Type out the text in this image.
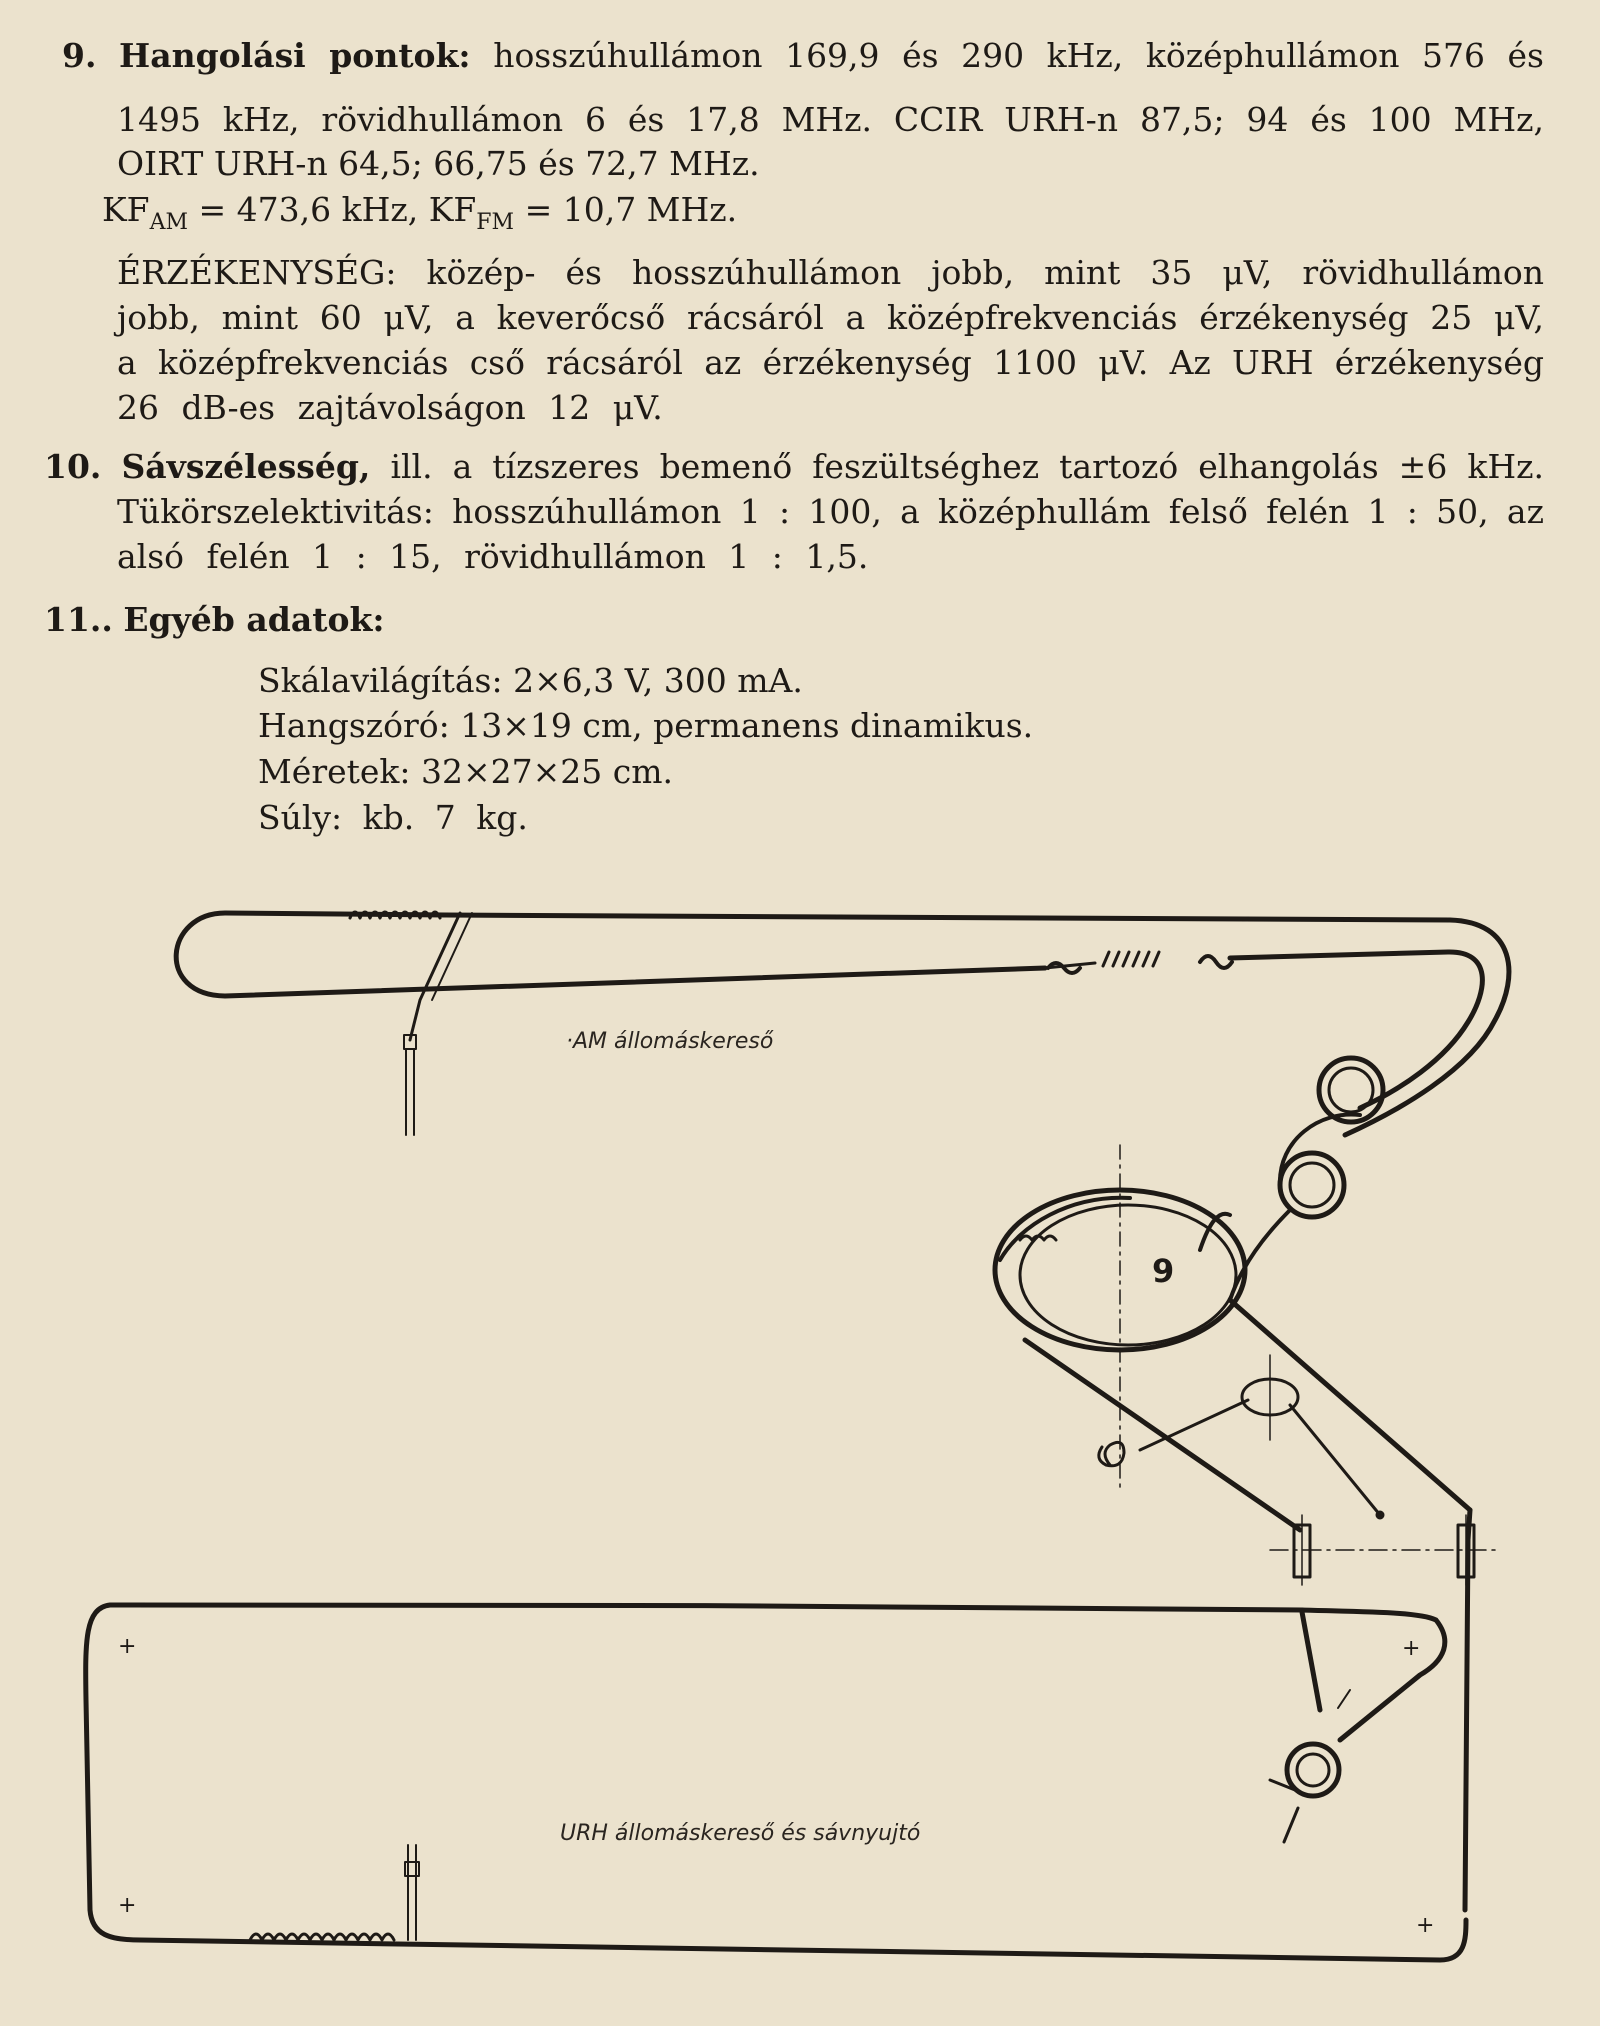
9. Hangolási pontok: hosszúhullámon 169,9 és 290 kHz, középhullámon 576 és
1495 kHz, rövidhullámon 6 és 17,8 MHz. CCIR URH-n 87,5; 94 és 100 MHz,
OIRT URH-n 64,5; 66,75 és 72,7 MHz.
$KF_{AM} = 473,6$ kHz, $KF_{FM} = 10,7$ MHz.
ÉRZÉKENYSÉG: közép- és hosszúhullámon jobb, mint 35 μV, rövidhullámon
jobb, mint 60 μV, a keverőcső rácsáról a középfrekvenciás érzékenység 25 μV,
a középfrekvenciás cső rácsáról az érzékenység 1100 μV. Az URH érzékenység
26 dB-es zajtávolságon 12 μV.
10. Sávszélesség, ill. a tízszeres bemenő feszültséghez tartozó elhangolás ±6 kHz.
Tükörszelektivitás: hosszúhullámon 1 : 100, a középhullám felső felén 1 : 50, az
alsó felén 1 : 15, rövidhullámon 1 : 1,5.
11.. Egyéb adatok:
Skálavilágítás: 2×6,3 V, 300 mA.
Hangszóró: 13×19 cm, permanens dinamikus.
Méretek: 32×27×25 cm.
Súly: kb. 7 kg.
·AM állomáskereső
URH állomáskereső és sávnyujtó
9
+
+
+
+
